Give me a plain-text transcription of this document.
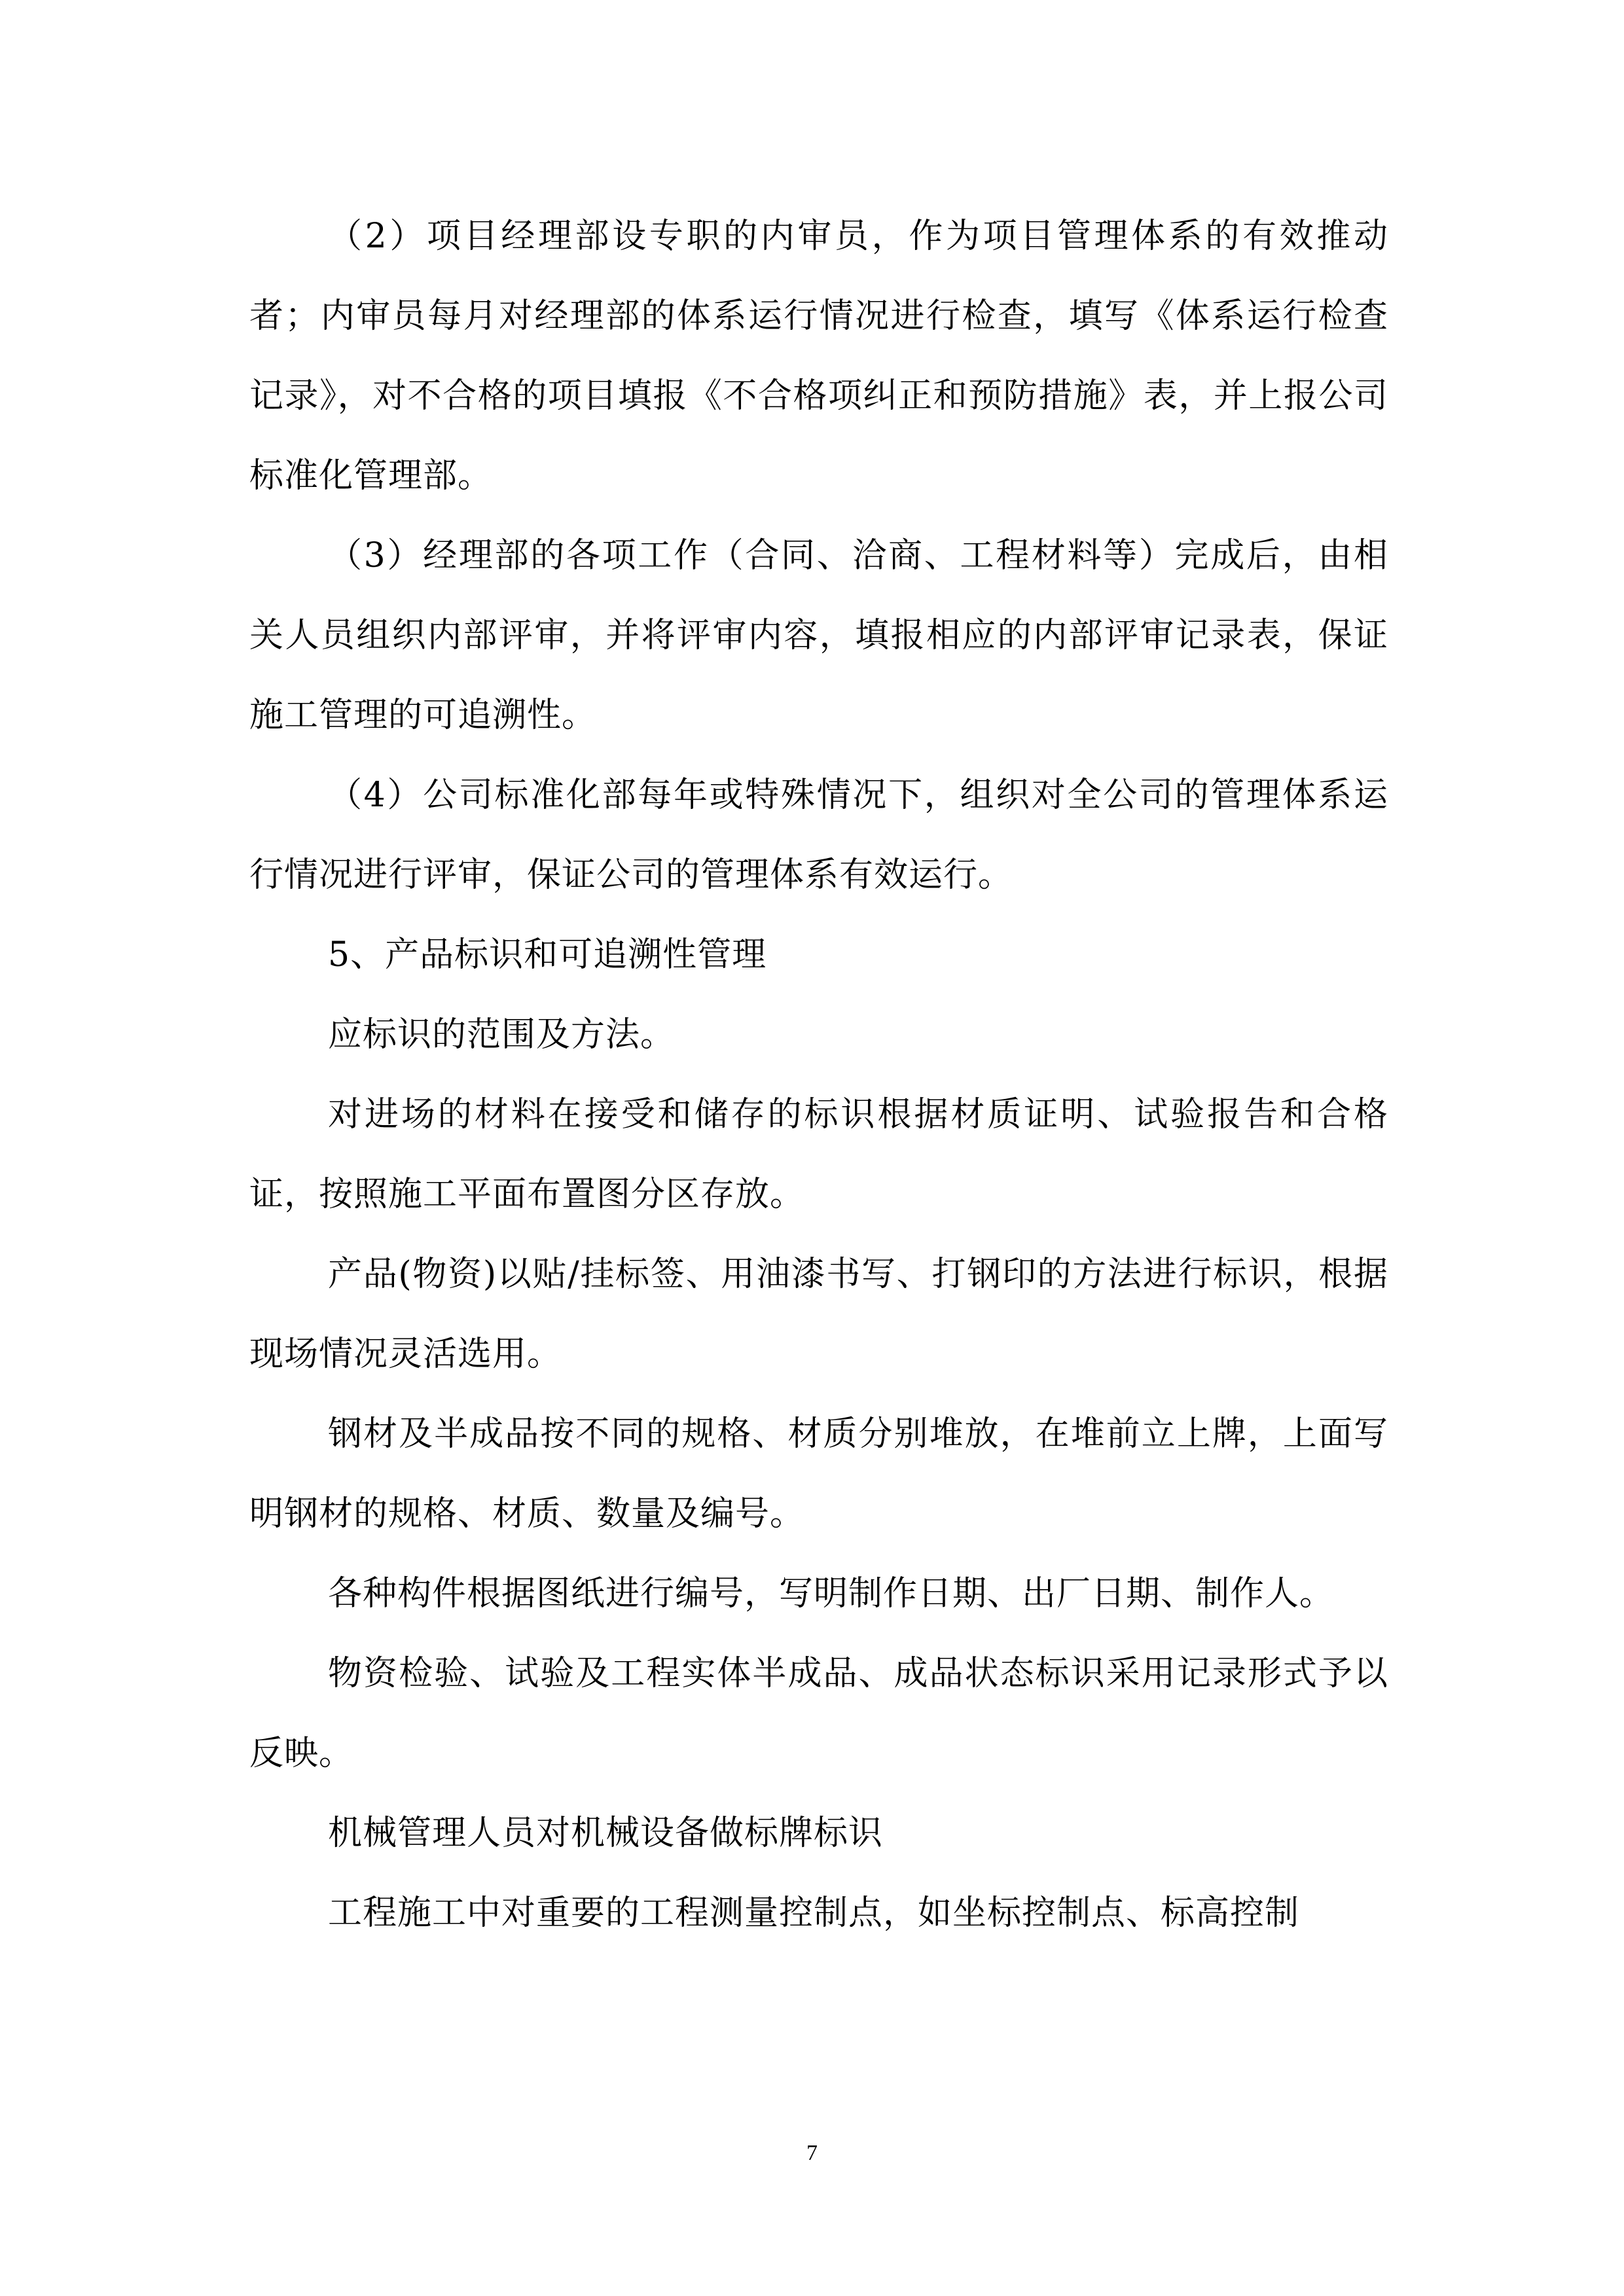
（2）项目经理部设专职的内审员，作为项目管理体系的有效推动者；内审员每月对经理部的体系运行情况进行检查，填写《体系运行检查记录》，对不合格的项目填报《不合格项纠正和预防措施》表，并上报公司标准化管理部。

（3）经理部的各项工作（合同、洽商、工程材料等）完成后，由相关人员组织内部评审，并将评审内容，填报相应的内部评审记录表，保证施工管理的可追溯性。

（4）公司标准化部每年或特殊情况下，组织对全公司的管理体系运行情况进行评审，保证公司的管理体系有效运行。

5、产品标识和可追溯性管理

应标识的范围及方法。

对进场的材料在接受和储存的标识根据材质证明、试验报告和合格证，按照施工平面布置图分区存放。

产品(物资)以贴/挂标签、用油漆书写、打钢印的方法进行标识，根据现场情况灵活选用。

钢材及半成品按不同的规格、材质分别堆放，在堆前立上牌，上面写明钢材的规格、材质、数量及编号。

各种构件根据图纸进行编号，写明制作日期、出厂日期、制作人。

物资检验、试验及工程实体半成品、成品状态标识采用记录形式予以反映。

机械管理人员对机械设备做标牌标识

工程施工中对重要的工程测量控制点，如坐标控制点、标高控制

7
